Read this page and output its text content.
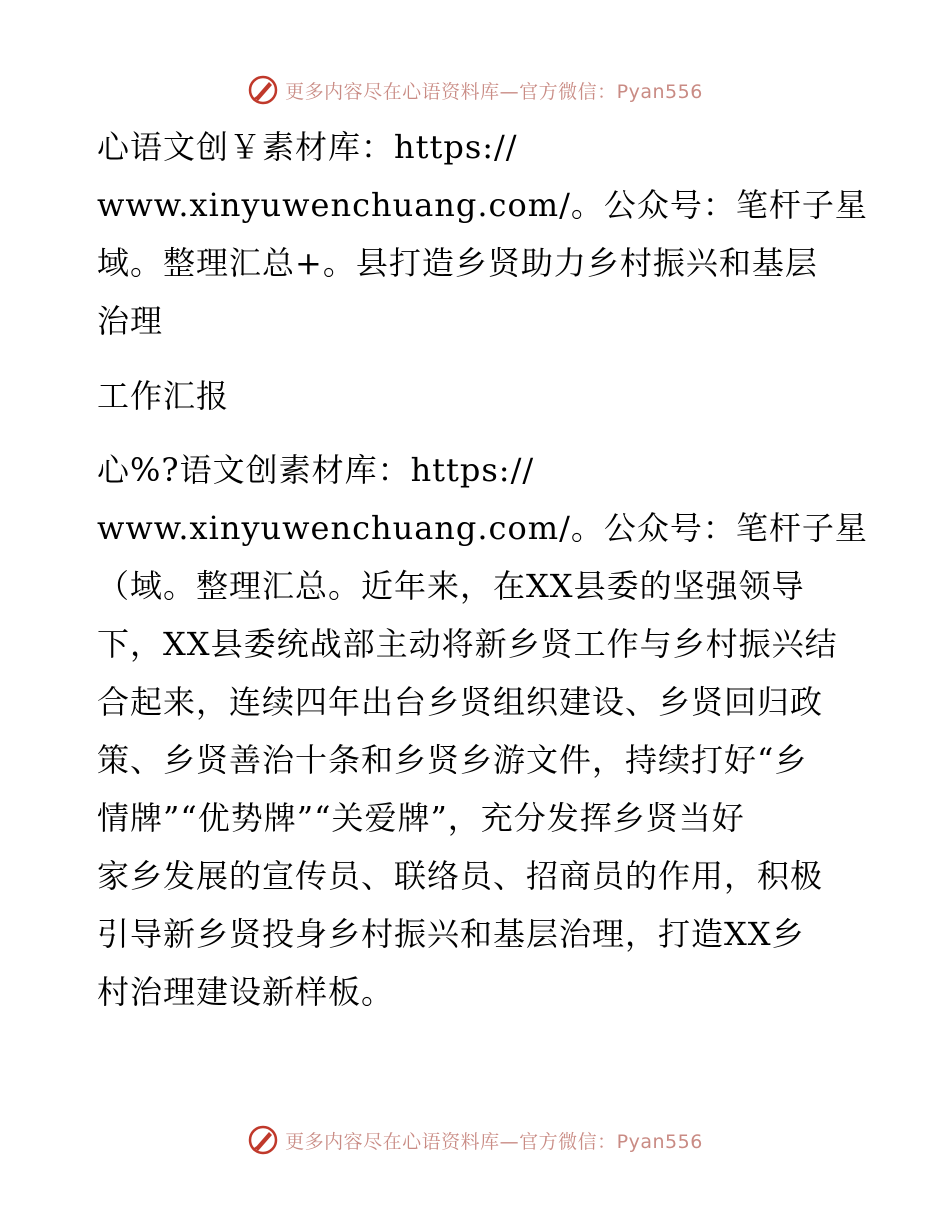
更多内容尽在心语资料库—官方微信：Pyan556
心语文创￥素材库：https://
www.xinyuwenchuang.com/。公众号：笔杆子星
域。整理汇总+。县打造乡贤助力乡村振兴和基层
治理
工作汇报
心%?语文创素材库：https://
www.xinyuwenchuang.com/。公众号：笔杆子星
（域。整理汇总。近年来，在XX县委的坚强领导
下，XX县委统战部主动将新乡贤工作与乡村振兴结
合起来，连续四年出台乡贤组织建设、乡贤回归政
策、乡贤善治十条和乡贤乡游文件，持续打好“乡
情牌”“优势牌”“关爱牌”，充分发挥乡贤当好
家乡发展的宣传员、联络员、招商员的作用，积极
引导新乡贤投身乡村振兴和基层治理，打造XX乡
村治理建设新样板。
更多内容尽在心语资料库—官方微信：Pyan556
